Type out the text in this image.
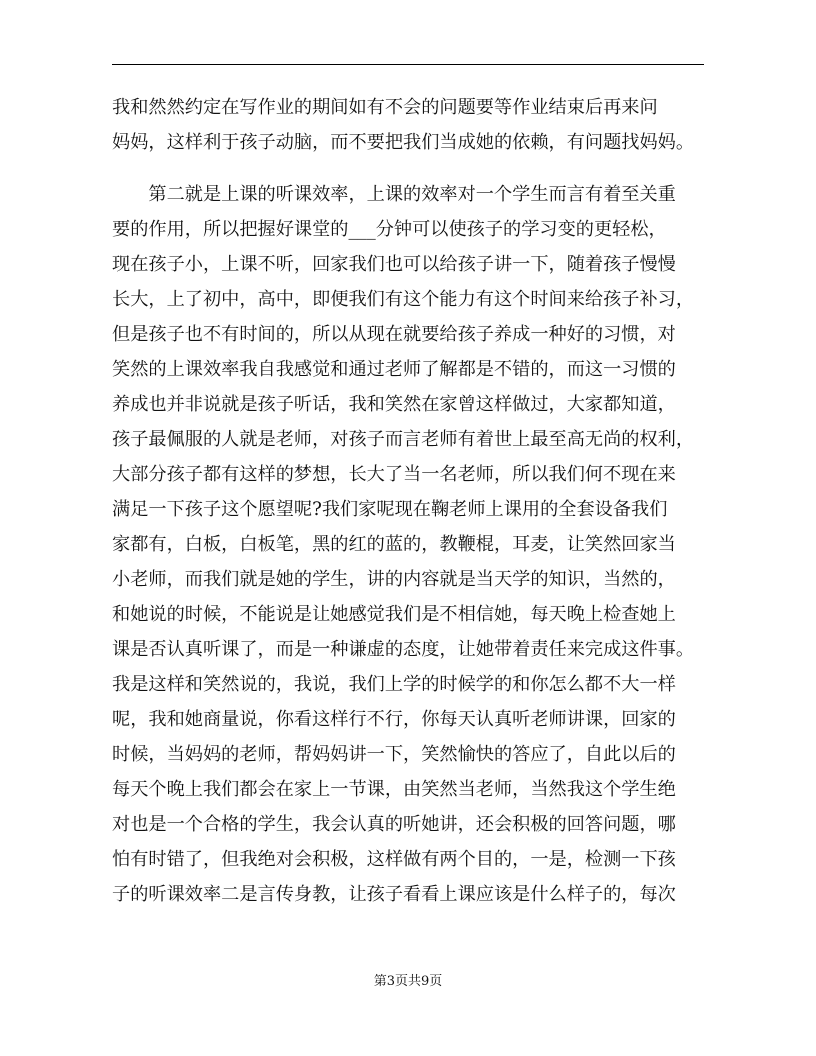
我和然然约定在写作业的期间如有不会的问题要等作业结束后再来问
妈妈，这样利于孩子动脑，而不要把我们当成她的依赖，有问题找妈妈。
　　第二就是上课的听课效率，上课的效率对一个学生而言有着至关重
要的作用，所以把握好课堂的___分钟可以使孩子的学习变的更轻松，
现在孩子小，上课不听，回家我们也可以给孩子讲一下，随着孩子慢慢
长大，上了初中，高中，即便我们有这个能力有这个时间来给孩子补习，
但是孩子也不有时间的，所以从现在就要给孩子养成一种好的习惯，对
笑然的上课效率我自我感觉和通过老师了解都是不错的，而这一习惯的
养成也并非说就是孩子听话，我和笑然在家曾这样做过，大家都知道，
孩子最佩服的人就是老师，对孩子而言老师有着世上最至高无尚的权利，
大部分孩子都有这样的梦想，长大了当一名老师，所以我们何不现在来
满足一下孩子这个愿望呢?我们家呢现在鞠老师上课用的全套设备我们
家都有，白板，白板笔，黑的红的蓝的，教鞭棍，耳麦，让笑然回家当
小老师，而我们就是她的学生，讲的内容就是当天学的知识，当然的，
和她说的时候，不能说是让她感觉我们是不相信她，每天晚上检查她上
课是否认真听课了，而是一种谦虚的态度，让她带着责任来完成这件事。
我是这样和笑然说的，我说，我们上学的时候学的和你怎么都不大一样
呢，我和她商量说，你看这样行不行，你每天认真听老师讲课，回家的
时候，当妈妈的老师，帮妈妈讲一下，笑然愉快的答应了，自此以后的
每天个晚上我们都会在家上一节课，由笑然当老师，当然我这个学生绝
对也是一个合格的学生，我会认真的听她讲，还会积极的回答问题，哪
怕有时错了，但我绝对会积极，这样做有两个目的，一是，检测一下孩
子的听课效率二是言传身教，让孩子看看上课应该是什么样子的，每次
第3页共9页
